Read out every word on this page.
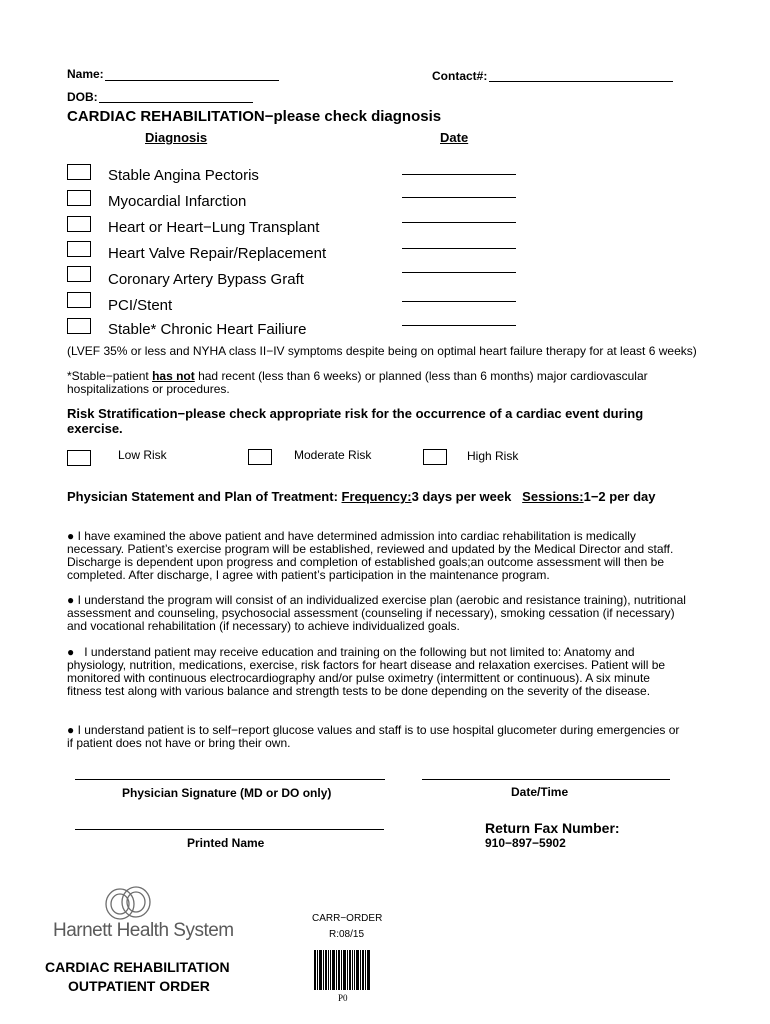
Name:	Contact#:
DOB:
CARDIAC REHABILITATION−please check diagnosis
Diagnosis	Date
Stable Angina Pectoris
Myocardial Infarction
Heart or Heart−Lung Transplant
Heart Valve Repair/Replacement
Coronary Artery Bypass Graft
PCI/Stent
Stable* Chronic Heart Failiure
(LVEF 35% or less and NYHA class II−IV symptoms despite being on optimal heart failure therapy for at least 6 weeks)
*Stable−patient has not had recent (less than 6 weeks) or planned (less than 6 months) major cardiovascular hospitalizations or procedures.
Risk Stratification−please check appropriate risk for the occurrence of a cardiac event during exercise.
Low Risk	Moderate Risk	High Risk
Physician Statement and Plan of Treatment: Frequency:3 days per week Sessions:1−2 per day
● I have examined the above patient and have determined admission into cardiac rehabilitation is medically necessary. Patient’s exercise program will be established, reviewed and updated by the Medical Director and staff. Discharge is dependent upon progress and completion of established goals;an outcome assessment will then be completed. After discharge, I agree with patient’s participation in the maintenance program.
● I understand the program will consist of an individualized exercise plan (aerobic and resistance training), nutritional assessment and counseling, psychosocial assessment (counseling if necessary), smoking cessation (if necessary) and vocational rehabilitation (if necessary) to achieve individualized goals.
●   I understand patient may receive education and training on the following but not limited to: Anatomy and physiology, nutrition, medications, exercise, risk factors for heart disease and relaxation exercises. Patient will be monitored with continuous electrocardiography and/or pulse oximetry (intermittent or continuous). A six minute fitness test along with various balance and strength tests to be done depending on the severity of the disease.
● I understand patient is to self−report glucose values and staff is to use hospital glucometer during emergencies or if patient does not have or bring their own.
Physician Signature (MD or DO only)	Date/Time
Printed Name
Return Fax Number:
910−897−5902
Harnett Health System
CARR−ORDER
R:08/15
CARDIAC REHABILITATION
OUTPATIENT ORDER
P0
